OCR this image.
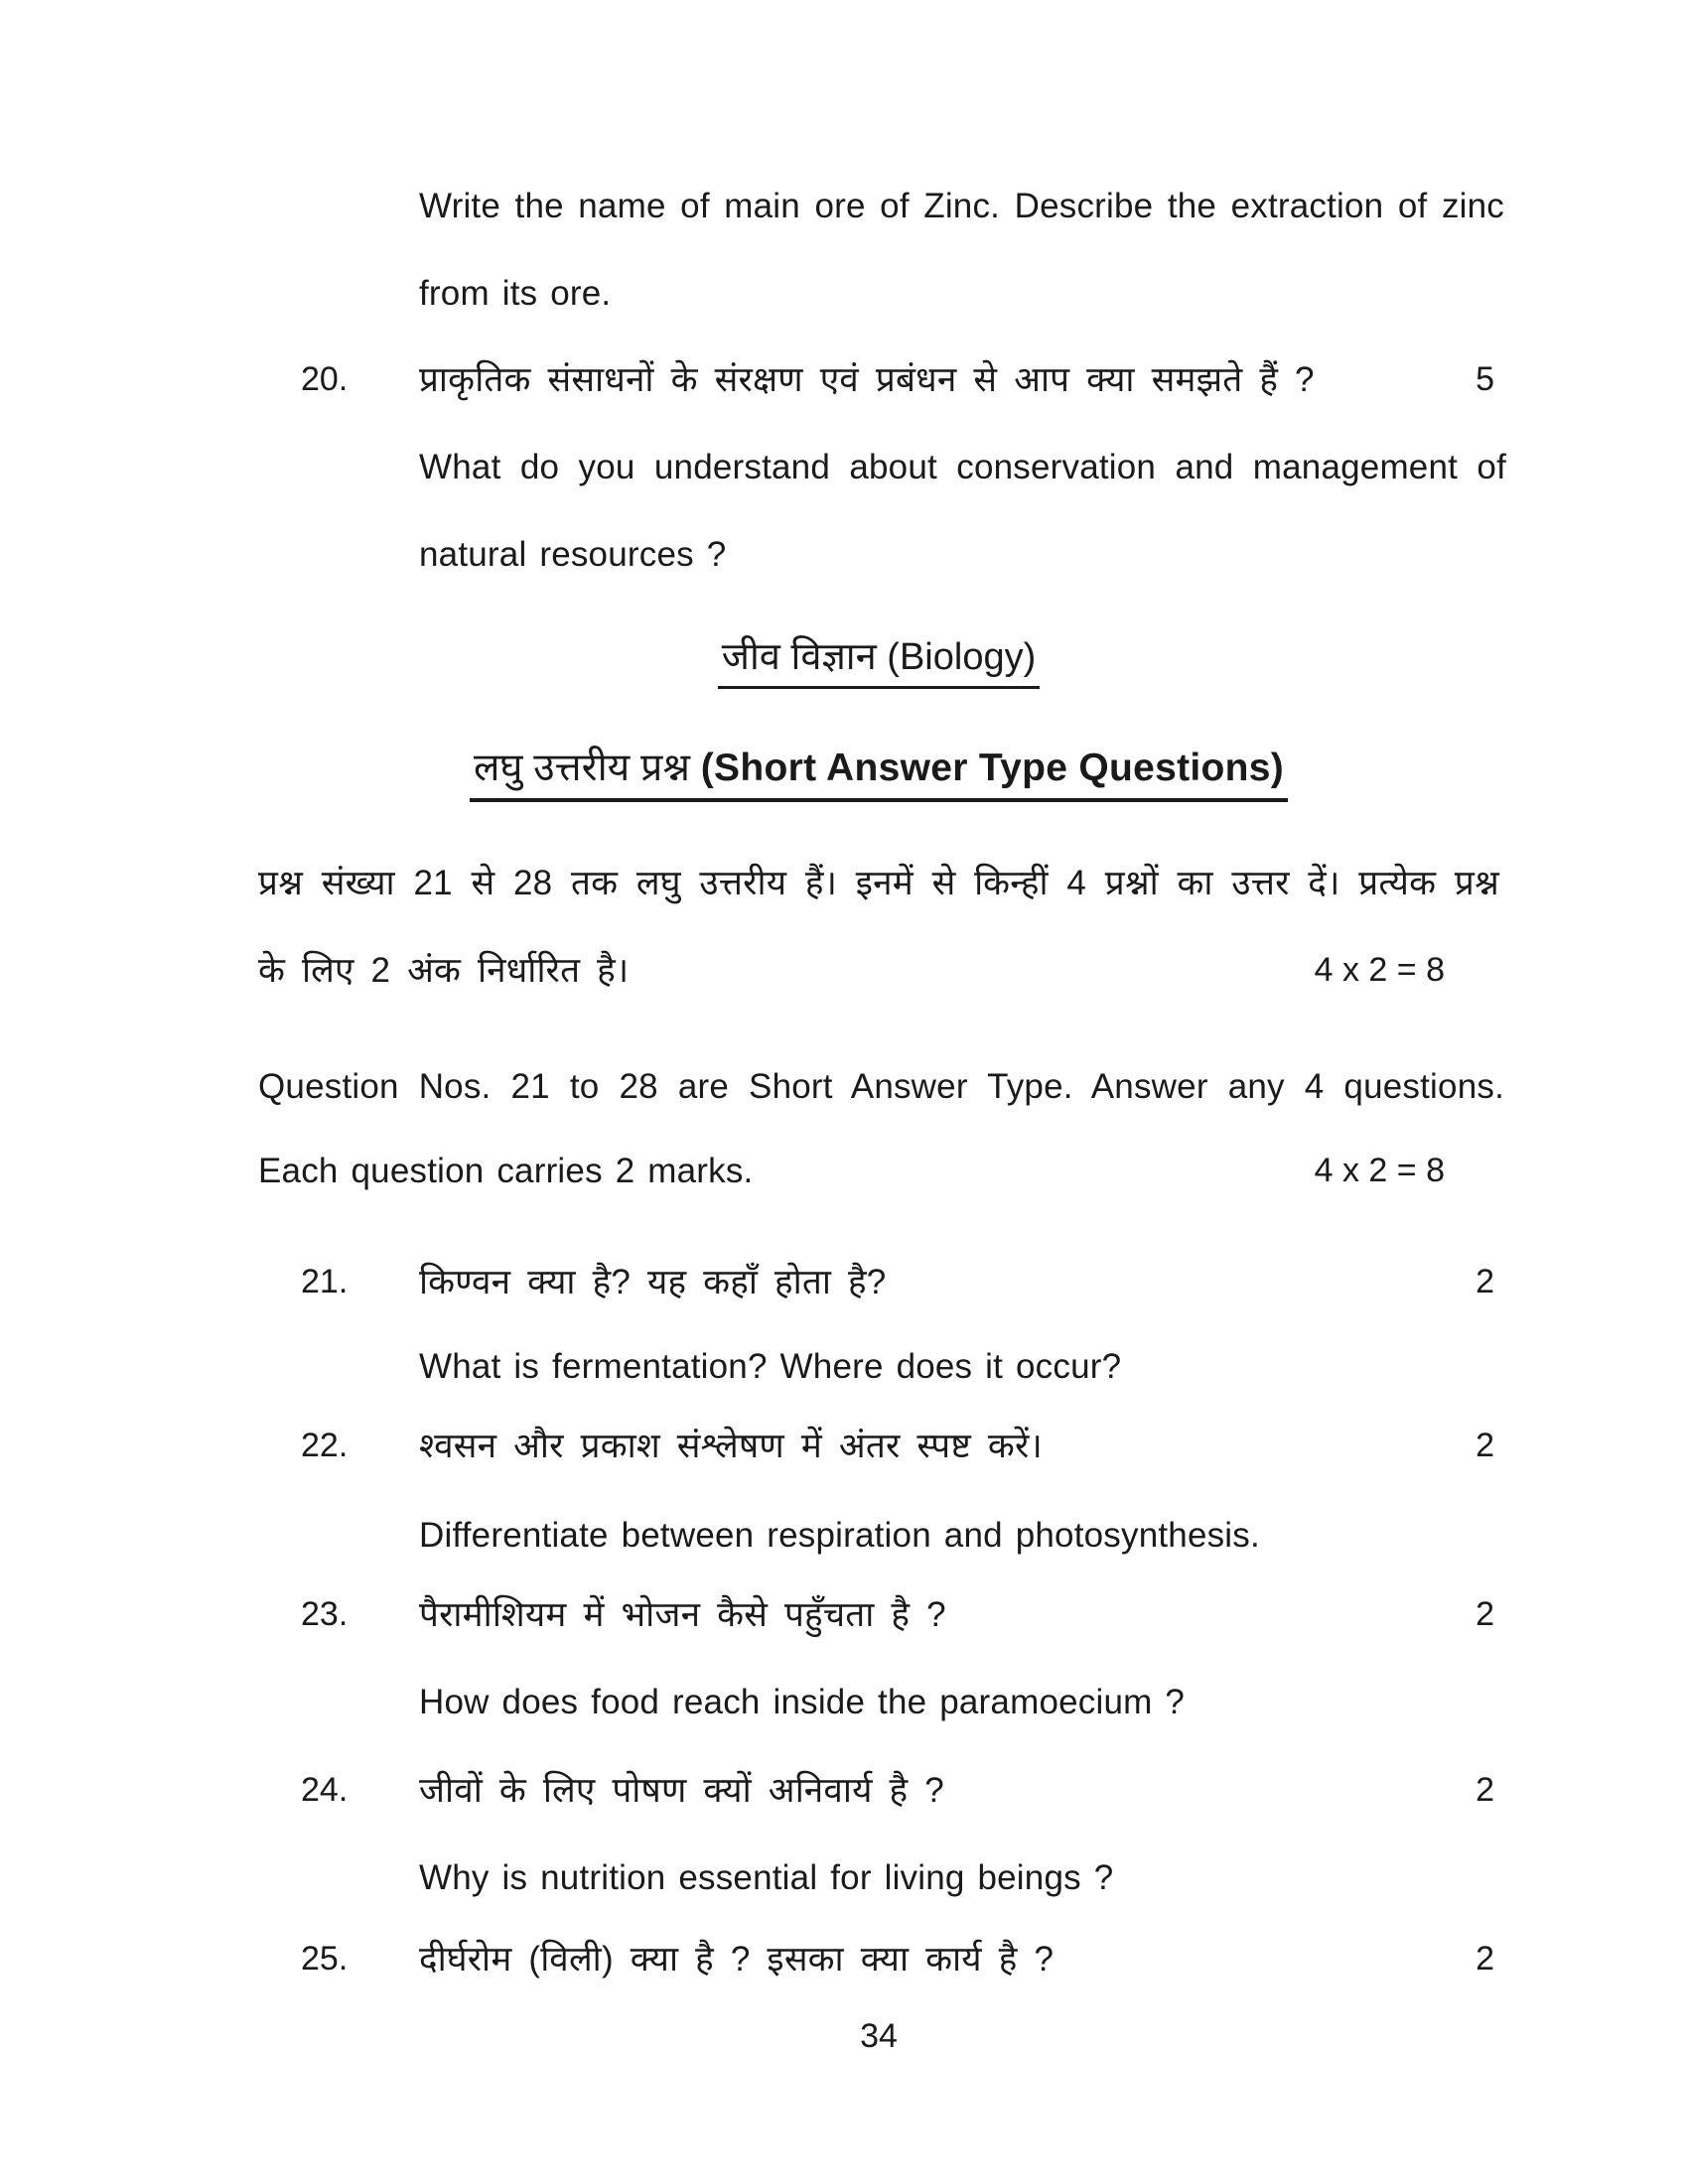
Write the name of main ore of Zinc. Describe the extraction of zinc
from its ore.
20. प्राकृतिक संसाधनों के संरक्षण एवं प्रबंधन से आप क्या समझते हैं ?	5
What do you understand about conservation and management of
natural resources ?
जीव विज्ञान (Biology)
लघु उत्तरीय प्रश्न (Short Answer Type Questions)
प्रश्न संख्या 21 से 28 तक लघु उत्तरीय हैं। इनमें से किन्हीं 4 प्रश्नों का उत्तर दें। प्रत्येक प्रश्न
के लिए 2 अंक निर्धारित है।	4 x 2 = 8
Question Nos. 21 to 28 are Short Answer Type. Answer any 4 questions.
Each question carries 2 marks.	4 x 2 = 8
21. किण्वन क्या है? यह कहाँ होता है?	2
What is fermentation? Where does it occur?
22. श्वसन और प्रकाश संश्लेषण में अंतर स्पष्ट करें।	2
Differentiate between respiration and photosynthesis.
23. पैरामीशियम में भोजन कैसे पहुँचता है ?	2
How does food reach inside the paramoecium ?
24. जीवों के लिए पोषण क्यों अनिवार्य है ?	2
Why is nutrition essential for living beings ?
25. दीर्घरोम (विली) क्या है ? इसका क्या कार्य है ?	2
34
